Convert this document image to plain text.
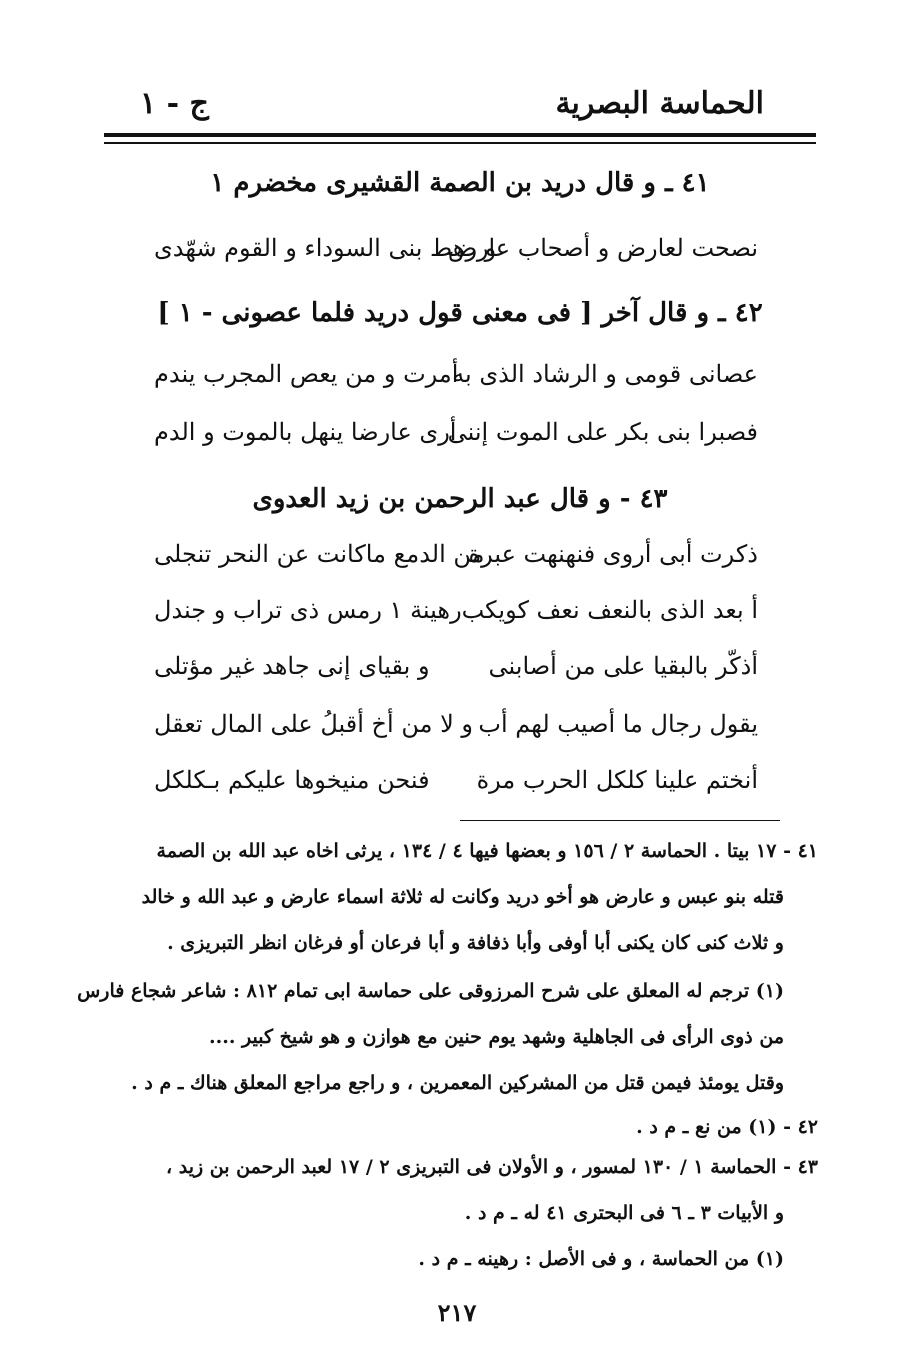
الحماسة البصرية
ج - ١
٤١ ـ و قال دريد بن الصمة القشيرى مخضرم ١
نصحت لعارض و أصحاب عارض
و رهط بنى السوداء و القوم شهّدى
٤٢ ـ و قال آخر [ فى معنى قول دريد فلما عصونى - ١ ]
عصانى قومى و الرشاد الذى به
أمرت و من يعص المجرب يندم
فصبرا بنى بكر على الموت إننى
أرى عارضا ينهل بالموت و الدم
٤٣ - و قال عبد الرحمن بن زيد العدوى
ذكرت أبى أروى فنهنهت عبرة
من الدمع ماكانت عن النحر تنجلى
أ بعد الذى بالنعف نعف كويكب
رهينة ١ رمس ذى تراب و جندل
أذكّر بالبقيا على من أصابنى
و بقياى إنى جاهد غير مؤتلى
يقول رجال ما أصيب لهم أب
و لا من أخ أقبلُ على المال تعقل
أنختم علينا كلكل الحرب مرة
فنحن منيخوها عليكم بـكلكل
٤١ - ١٧ بيتا . الحماسة ٢ / ١٥٦ و بعضها فيها ٤ / ١٣٤ ، يرثى اخاه عبد الله بن الصمة
قتله بنو عبس و عارض هو أخو دريد وكانت له ثلاثة اسماء عارض و عبد الله و خالد
و ثلاث كنى كان يكنى أبا أوفى وأبا ذفافة و أبا فرعان أو فرغان انظر التبريزى .
(١) ترجم له المعلق على شرح المرزوقى على حماسة ابى تمام ٨١٢ : شاعر شجاع فارس
من ذوى الرأى فى الجاهلية وشهد يوم حنين مع هوازن و هو شيخ كبير ....
وقتل يومئذ فيمن قتل من المشركين المعمرين ، و راجع مراجع المعلق هناك ـ م د .
٤٢ - (١) من نع ـ م د .
٤٣ - الحماسة ١ / ١٣٠ لمسور ، و الأولان فى التبريزى ٢ / ١٧ لعبد الرحمن بن زيد ،
و الأبيات ٣ ـ ٦ فى البحترى ٤١ له ـ م د .
(١) من الحماسة ، و فى الأصل : رهينه ـ م د .
٢١٧
